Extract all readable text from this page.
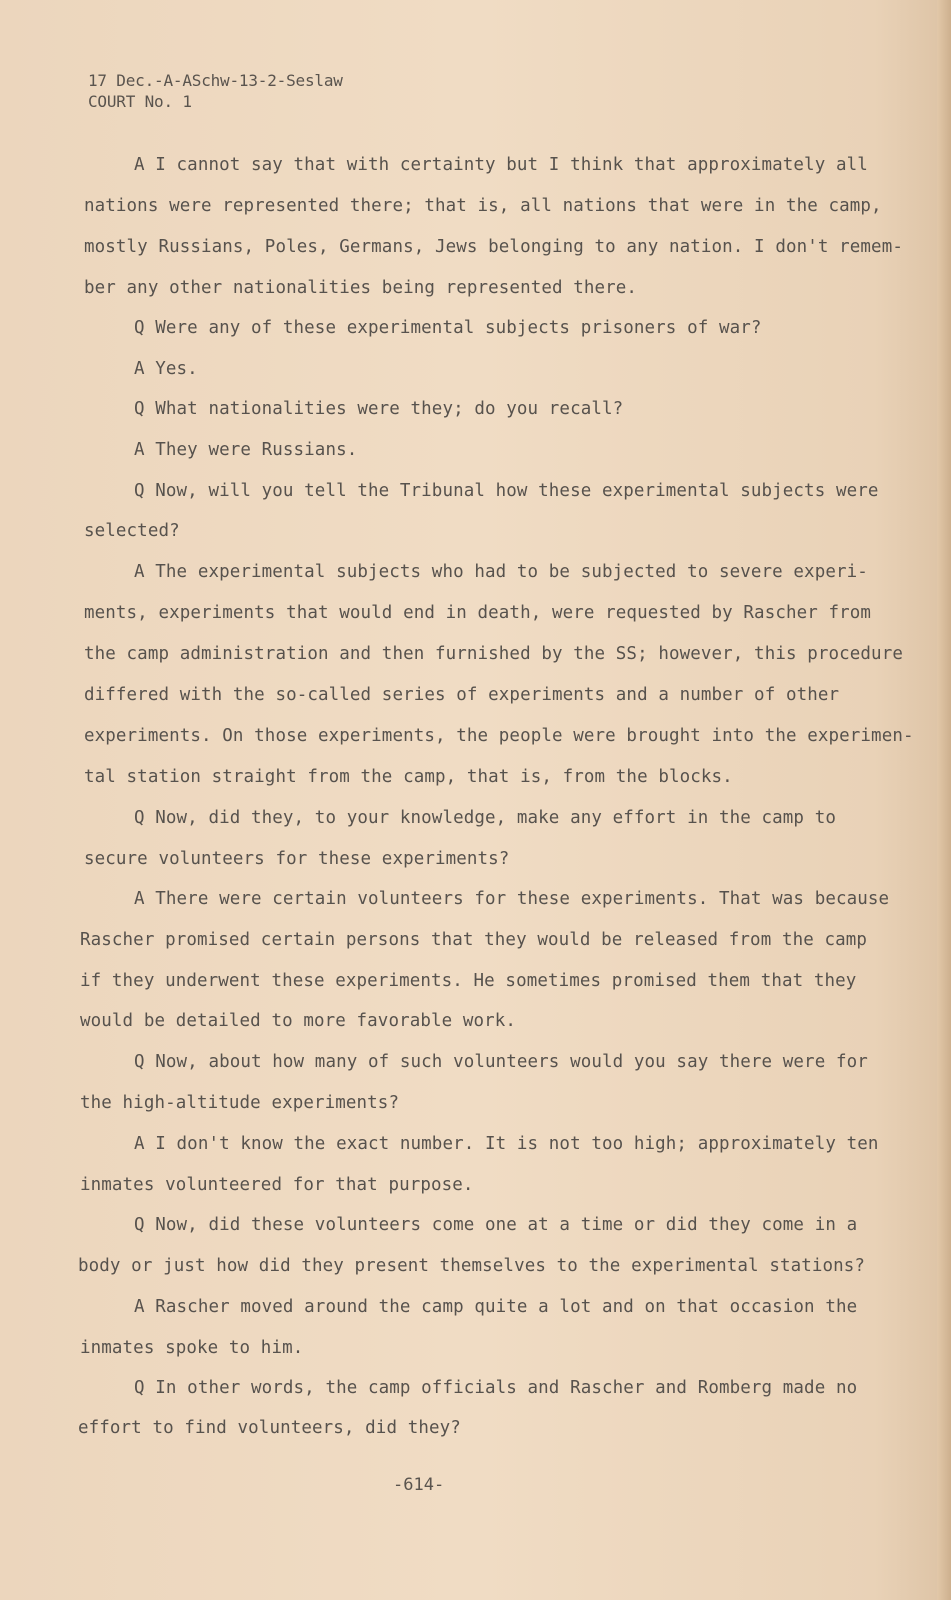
17 Dec.-A-ASchw-13-2-Seslaw
COURT No. 1
A I cannot say that with certainty but I think that approximately all
nations were represented there; that is, all nations that were in the camp,
mostly Russians, Poles, Germans, Jews belonging to any nation. I don't remem-
ber any other nationalities being represented there.
Q Were any of these experimental subjects prisoners of war?
A Yes.
Q What nationalities were they; do you recall?
A They were Russians.
Q Now, will you tell the Tribunal how these experimental subjects were
selected?
A The experimental subjects who had to be subjected to severe experi-
ments, experiments that would end in death, were requested by Rascher from
the camp administration and then furnished by the SS; however, this procedure
differed with the so-called series of experiments and a number of other
experiments. On those experiments, the people were brought into the experimen-
tal station straight from the camp, that is, from the blocks.
Q Now, did they, to your knowledge, make any effort in the camp to
secure volunteers for these experiments?
A There were certain volunteers for these experiments. That was because
Rascher promised certain persons that they would be released from the camp
if they underwent these experiments. He sometimes promised them that they
would be detailed to more favorable work.
Q Now, about how many of such volunteers would you say there were for
the high-altitude experiments?
A I don't know the exact number. It is not too high; approximately ten
inmates volunteered for that purpose.
Q Now, did these volunteers come one at a time or did they come in a
body or just how did they present themselves to the experimental stations?
A Rascher moved around the camp quite a lot and on that occasion the
inmates spoke to him.
Q In other words, the camp officials and Rascher and Romberg made no
effort to find volunteers, did they?
-614-
